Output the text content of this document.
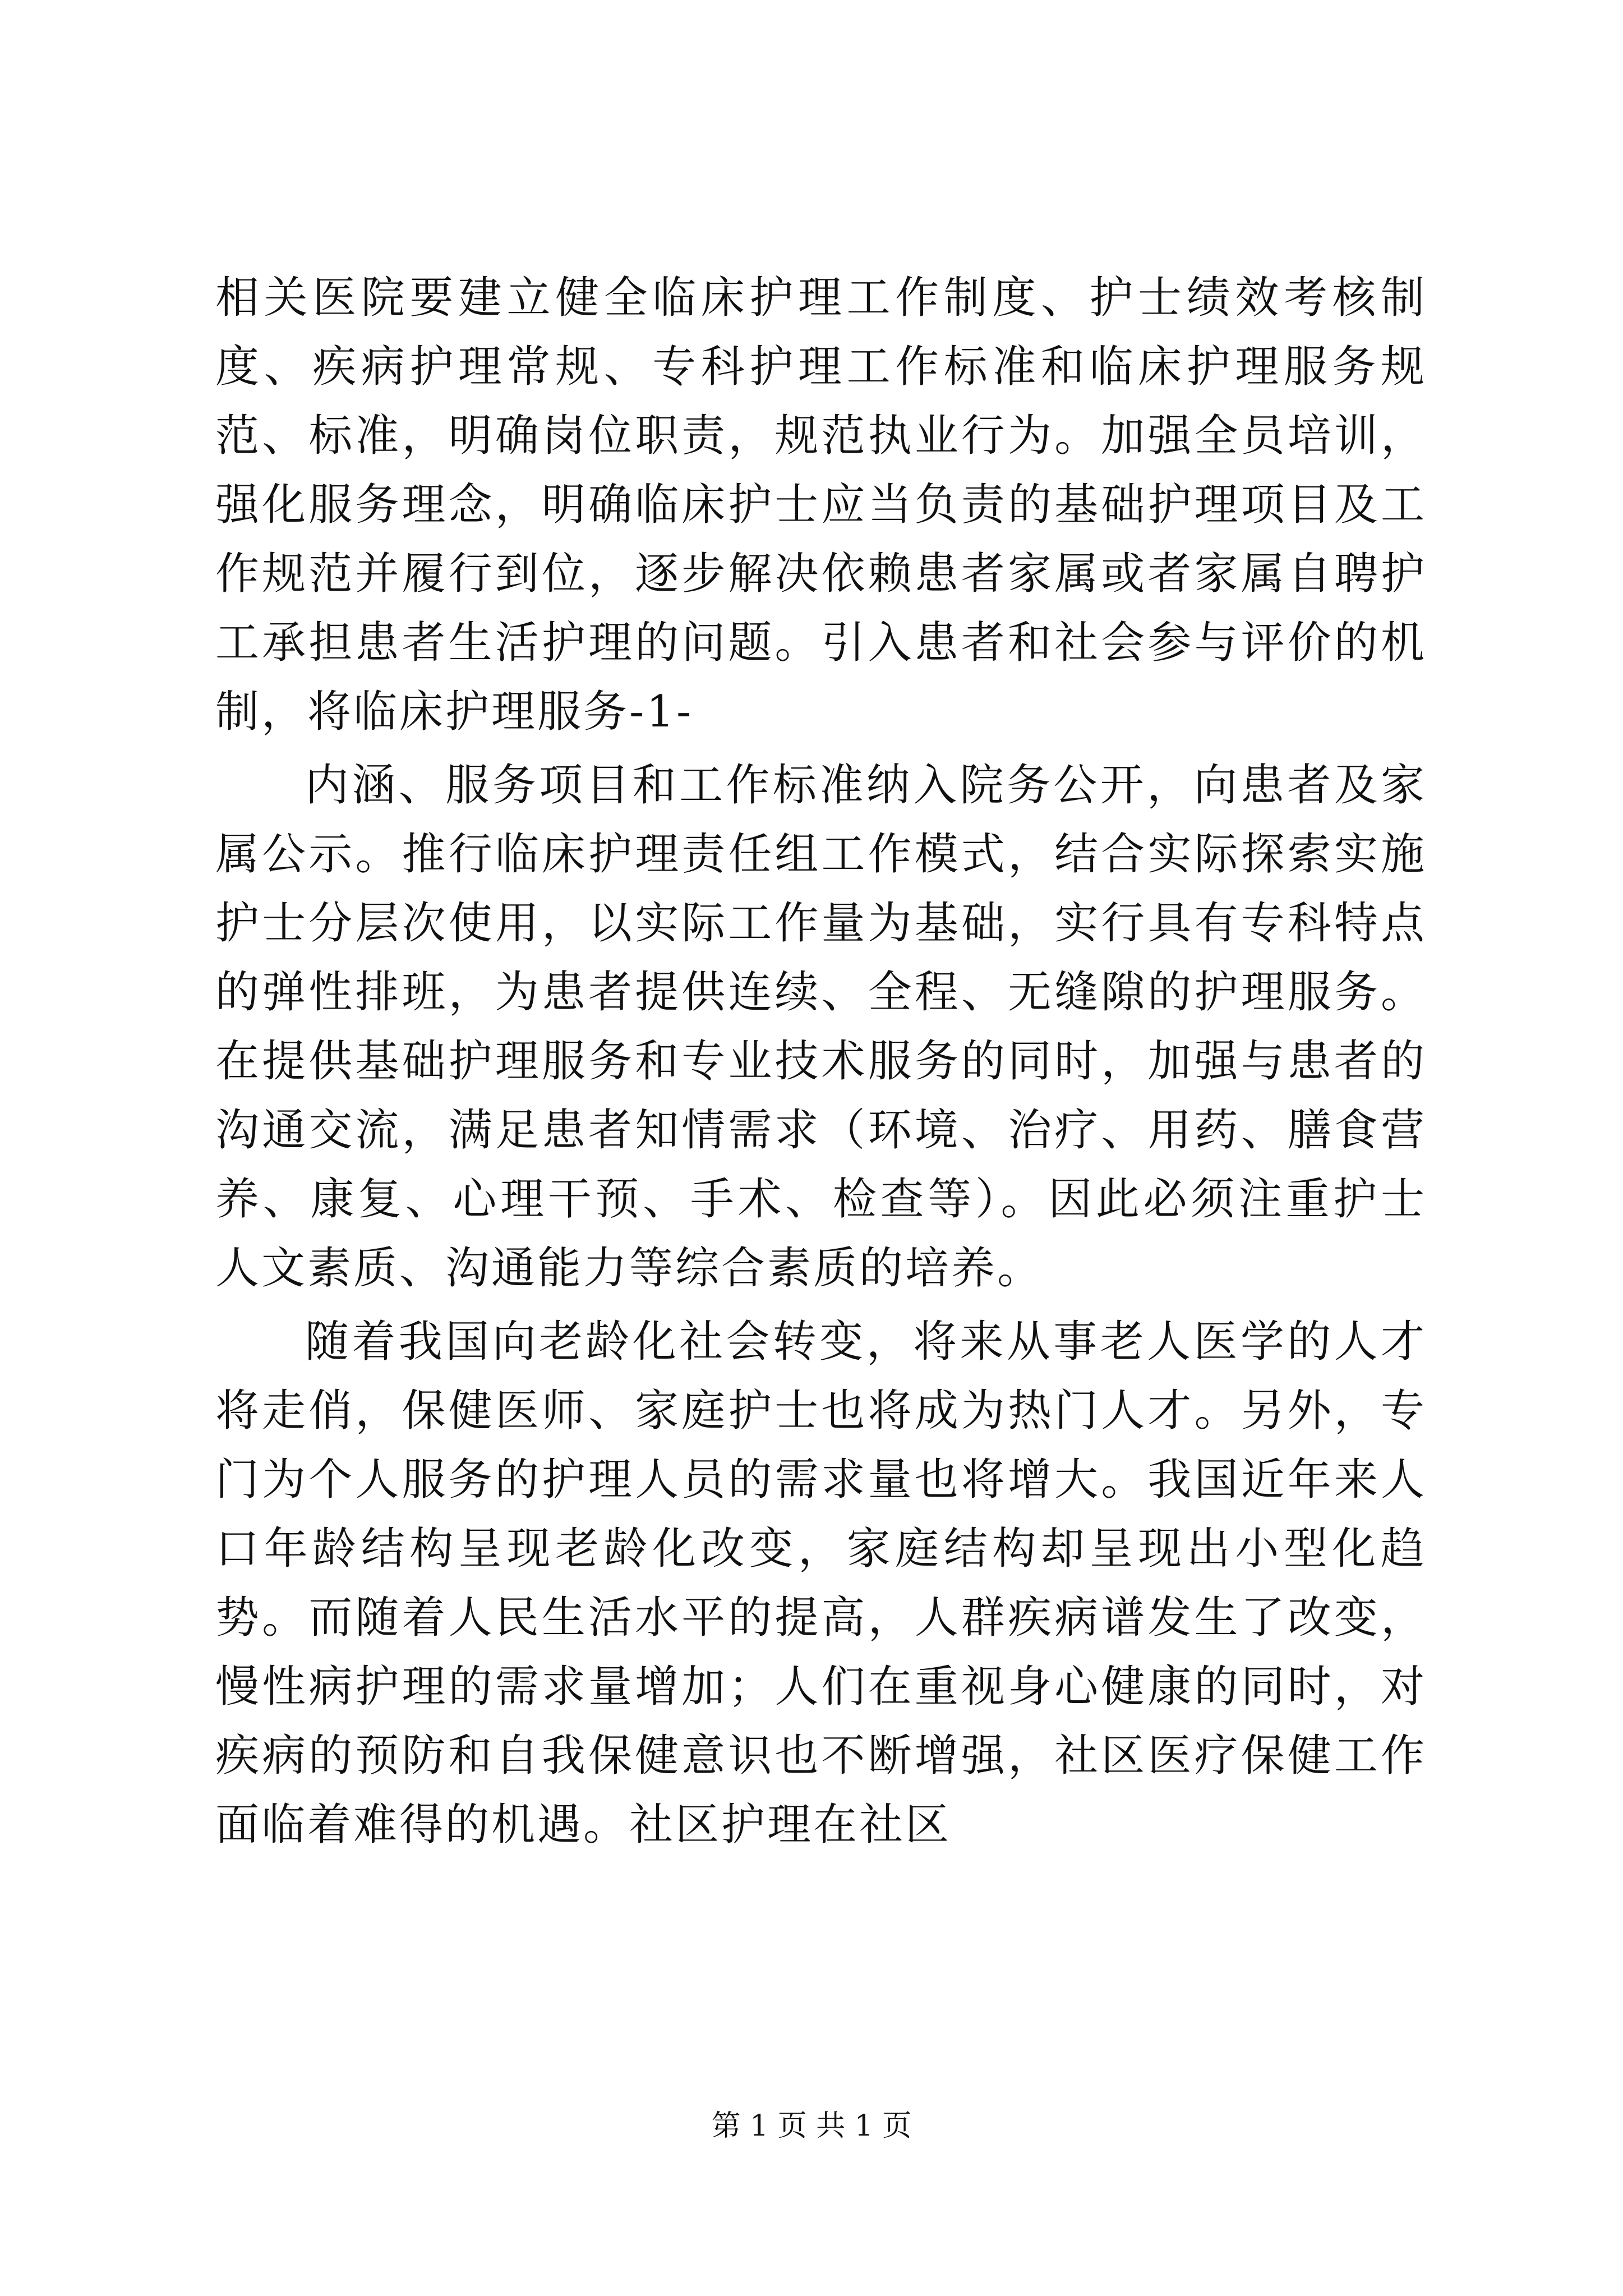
相关医院要建立健全临床护理工作制度、护士绩效考核制度、疾病护理常规、专科护理工作标准和临床护理服务规范、标准，明确岗位职责，规范执业行为。加强全员培训，强化服务理念，明确临床护士应当负责的基础护理项目及工作规范并履行到位，逐步解决依赖患者家属或者家属自聘护工承担患者生活护理的问题。引入患者和社会参与评价的机制，将临床护理服务-1-

内涵、服务项目和工作标准纳入院务公开，向患者及家属公示。推行临床护理责任组工作模式，结合实际探索实施护士分层次使用，以实际工作量为基础，实行具有专科特点的弹性排班，为患者提供连续、全程、无缝隙的护理服务。在提供基础护理服务和专业技术服务的同时，加强与患者的沟通交流，满足患者知情需求（环境、治疗、用药、膳食营养、康复、心理干预、手术、检查等）。因此必须注重护士人文素质、沟通能力等综合素质的培养。

随着我国向老龄化社会转变，将来从事老人医学的人才将走俏，保健医师、家庭护士也将成为热门人才。另外，专门为个人服务的护理人员的需求量也将增大。我国近年来人口年龄结构呈现老龄化改变，家庭结构却呈现出小型化趋势。而随着人民生活水平的提高，人群疾病谱发生了改变，慢性病护理的需求量增加；人们在重视身心健康的同时，对疾病的预防和自我保健意识也不断增强，社区医疗保健工作面临着难得的机遇。社区护理在社区

第 1 页 共 1 页
